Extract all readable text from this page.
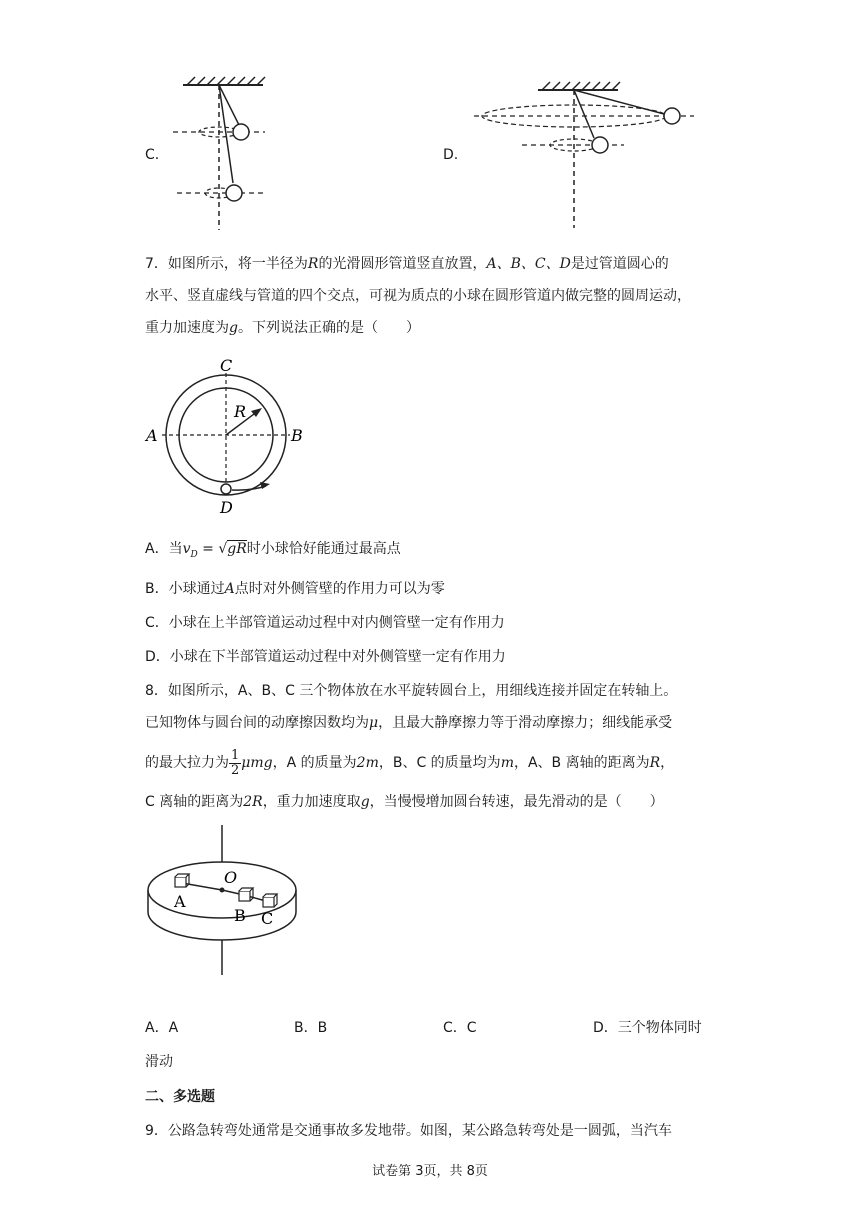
C.	D.
7．如图所示，将一半径为R的光滑圆形管道竖直放置，A、B、C、D是过管道圆心的
水平、竖直虚线与管道的四个交点，可视为质点的小球在圆形管道内做完整的圆周运动，
重力加速度为g。下列说法正确的是（　　）
C
A	B
D
R
A．当$v_D = √gR$时小球恰好能通过最高点
B．小球通过A点时对外侧管壁的作用力可以为零
C．小球在上半部管道运动过程中对内侧管壁一定有作用力
D．小球在下半部管道运动过程中对外侧管壁一定有作用力
8．如图所示，A、B、C 三个物体放在水平旋转圆台上，用细线连接并固定在转轴上。
已知物体与圆台间的动摩擦因数均为μ，且最大静摩擦力等于滑动摩擦力；细线能承受
的最大拉力为 $\frac{1}{2}$ μmg，A 的质量为2m，B、C 的质量均为m，A、B 离轴的距离为R，
C 离轴的距离为2R，重力加速度取g，当慢慢增加圆台转速，最先滑动的是（　　）
O
A
B C
A．A	B．B	C．C	D．三个物体同时
滑动
二、多选题
9．公路急转弯处通常是交通事故多发地带。如图，某公路急转弯处是一圆弧，当汽车
试卷第 3页，共 8页
